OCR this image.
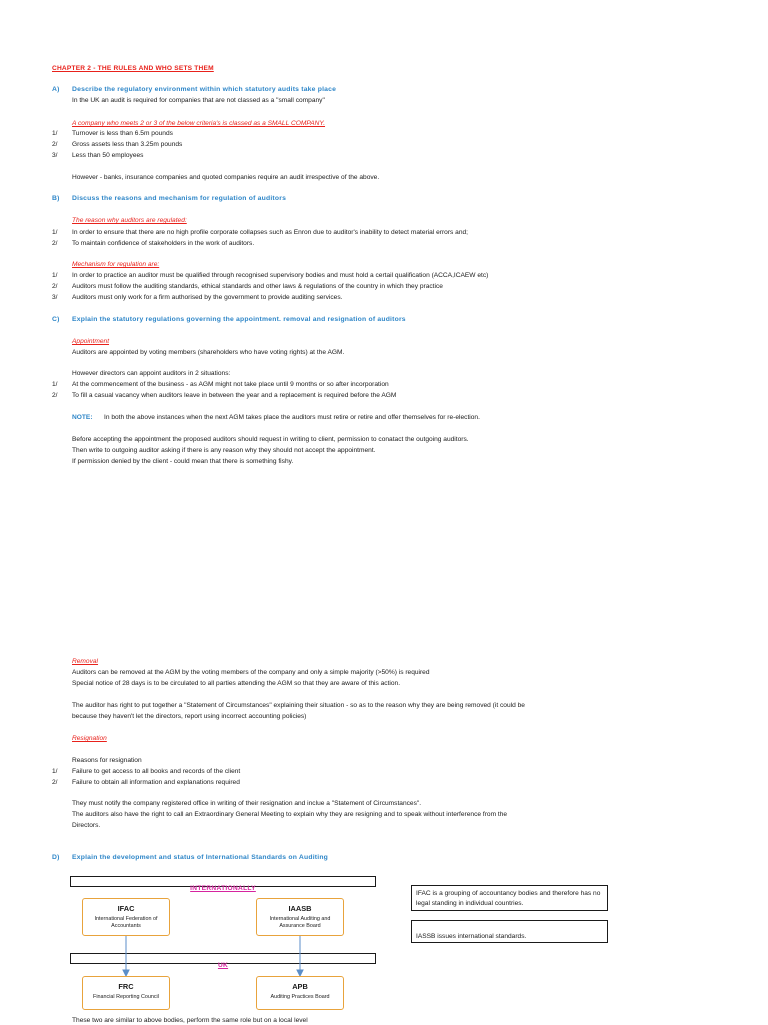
CHAPTER 2 - THE RULES AND WHO SETS THEM
A) Describe the regulatory environment within which statutory audits take place
In the UK an audit is required for companies that are not classed as a "small company"
A company who meets 2 or 3 of the below criteria's is classed as a SMALL COMPANY.
1/ Turnover is less than 6.5m pounds
2/ Gross assets less than 3.25m pounds
3/ Less than 50 employees
However - banks, insurance companies and quoted companies require an audit irrespective of the above.
B) Discuss the reasons and mechanism for regulation of auditors
The reason why auditors are regulated:
1/ In order to ensure that there are no high profile corporate collapses such as Enron due to auditor's inability to detect material errors and;
2/ To maintain confidence of stakeholders in the work of auditors.
Mechanism for regulation are:
1/ In order to practice an auditor must be qualified through recognised supervisory bodies and must hold a certail qualification (ACCA,ICAEW etc)
2/ Auditors must follow the auditing standards, ethical standards and other laws & regulations of the country in which they practice
3/ Auditors must only work for a firm authorised by the government to provide auditing services.
C) Explain the statutory regulations governing the appointment. removal and resignation of auditors
Appointment
Auditors are appointed by voting members (shareholders who have voting rights) at the AGM.
However directors can appoint auditors in 2 situations:
1/ At the commencement of the business - as AGM might not take place until 9 months or so after incorporation
2/ To fill a casual vacancy when auditors leave in between the year and a replacement is required before the AGM
NOTE: In both the above instances when the next AGM takes place the auditors must retire or retire and offer themselves for re-election.
Before accepting the appointment the proposed auditors should request in writing to client, permission to conatact the outgoing auditors.
Then write to outgoing auditor asking if there is any reason why they should not accept the appointment.
If permission denied by the client - could mean that there is something fishy.
Removal
Auditors can be removed at the AGM by the voting members of the company and only a simple majority (>50%) is required
Special notice of 28 days is to be circulated to all parties attending the AGM so that they are aware of this action.
The auditor has right to put together a "Statement of Circumstances" explaining their situation - so as to the reason why they are being removed (it could be
because they haven't let the directors, report using incorrect accounting policies)
Resignation
Reasons for resignation
1/ Failure to get access to all books and records of the client
2/ Failure to obtain all information and explanations required
They must notify the company registered office in writing of their resignation and inclue a "Statement of Circumstances".
The auditors also have the right to call an Extraordinary General Meeting to explain why they are resigning and to speak without interference from the
Directors.
D) Explain the development and status of International Standards on Auditing
INTERNATIONALLY
IFAC
International Federation of Accountants
IAASB
International Auditing and Assurance Board
UK
FRC
Financial Reporting Council
APB
Auditing Practices Board
IFAC is a grouping of accountancy bodies and therefore has no legal standing in individual countries.
IASSB issues international standards.
These two are similar to above bodies, perform the same role but on a local level
